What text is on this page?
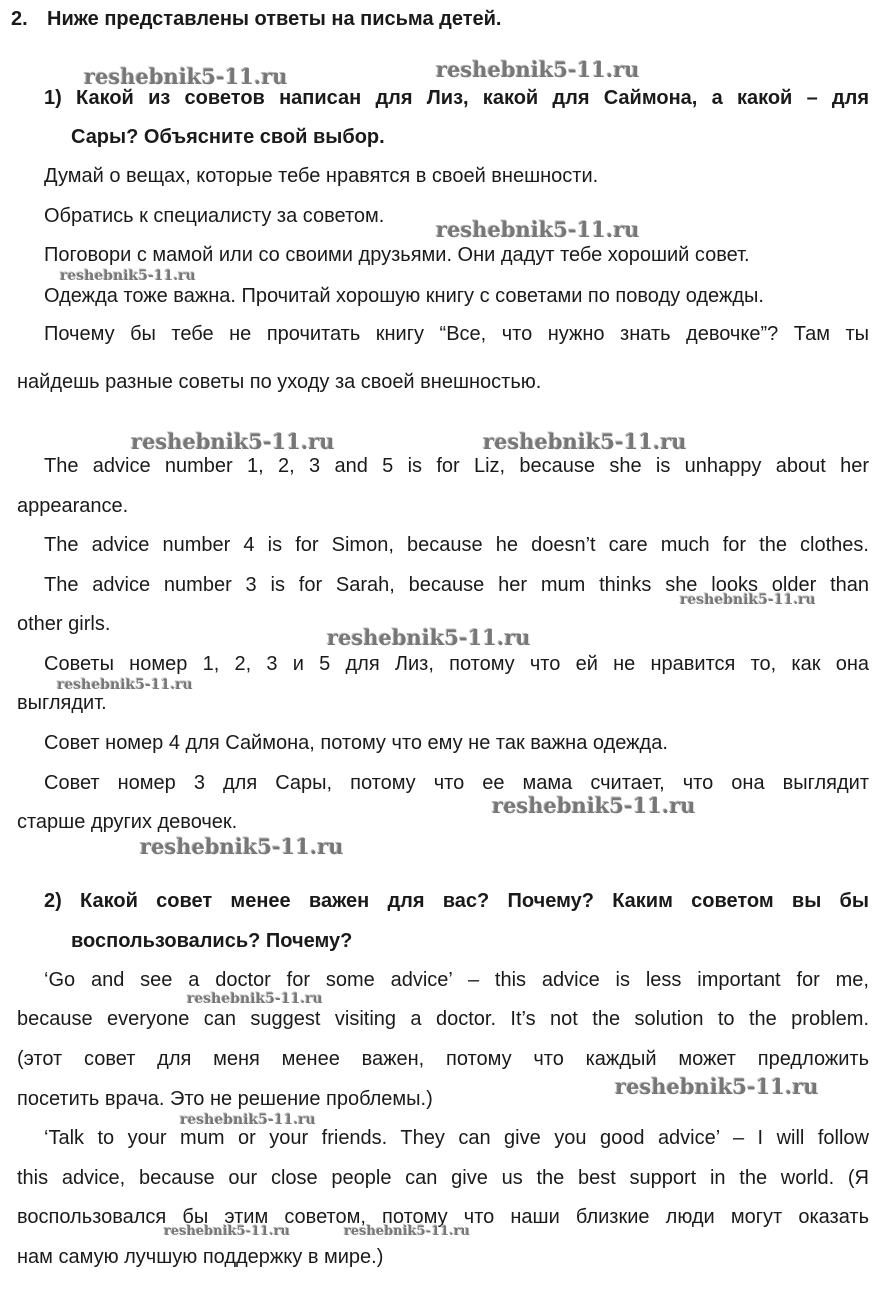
2. Ниже представлены ответы на письма детей.
1) Какой из советов написан для Лиз, какой для Саймона, а какой – для
Сары? Объясните свой выбор.
Думай о вещах, которые тебе нравятся в своей внешности.
Обратись к специалисту за советом.
Поговори с мамой или со своими друзьями. Они дадут тебе хороший совет.
Одежда тоже важна. Прочитай хорошую книгу с советами по поводу одежды.
Почему бы тебе не прочитать книгу “Все, что нужно знать девочке”? Там ты
найдешь разные советы по уходу за своей внешностью.
The advice number 1, 2, 3 and 5 is for Liz, because she is unhappy about her
appearance.
The advice number 4 is for Simon, because he doesn’t care much for the clothes.
The advice number 3 is for Sarah, because her mum thinks she looks older than
other girls.
Советы номер 1, 2, 3 и 5 для Лиз, потому что ей не нравится то, как она
выглядит.
Совет номер 4 для Саймона, потому что ему не так важна одежда.
Совет номер 3 для Сары, потому что ее мама считает, что она выглядит
старше других девочек.
2) Какой совет менее важен для вас? Почему? Каким советом вы бы
воспользовались? Почему?
‘Go and see a doctor for some advice’ – this advice is less important for me,
because everyone can suggest visiting a doctor. It’s not the solution to the problem.
(этот совет для меня менее важен, потому что каждый может предложить
посетить врача. Это не решение проблемы.)
‘Talk to your mum or your friends. They can give you good advice’ – I will follow
this advice, because our close people can give us the best support in the world. (Я
воспользовался бы этим советом, потому что наши близкие люди могут оказать
нам самую лучшую поддержку в мире.)
reshebnik5-11.ru	reshebnik5-11.ru
reshebnik5-11.ru
reshebnik5-11.ru
reshebnik5-11.ru	reshebnik5-11.ru
reshebnik5-11.ru
reshebnik5-11.ru
reshebnik5-11.ru
reshebnik5-11.ru
reshebnik5-11.ru
reshebnik5-11.ru
reshebnik5-11.ru
reshebnik5-11.ru
reshebnik5-11.ru	reshebnik5-11.ru
